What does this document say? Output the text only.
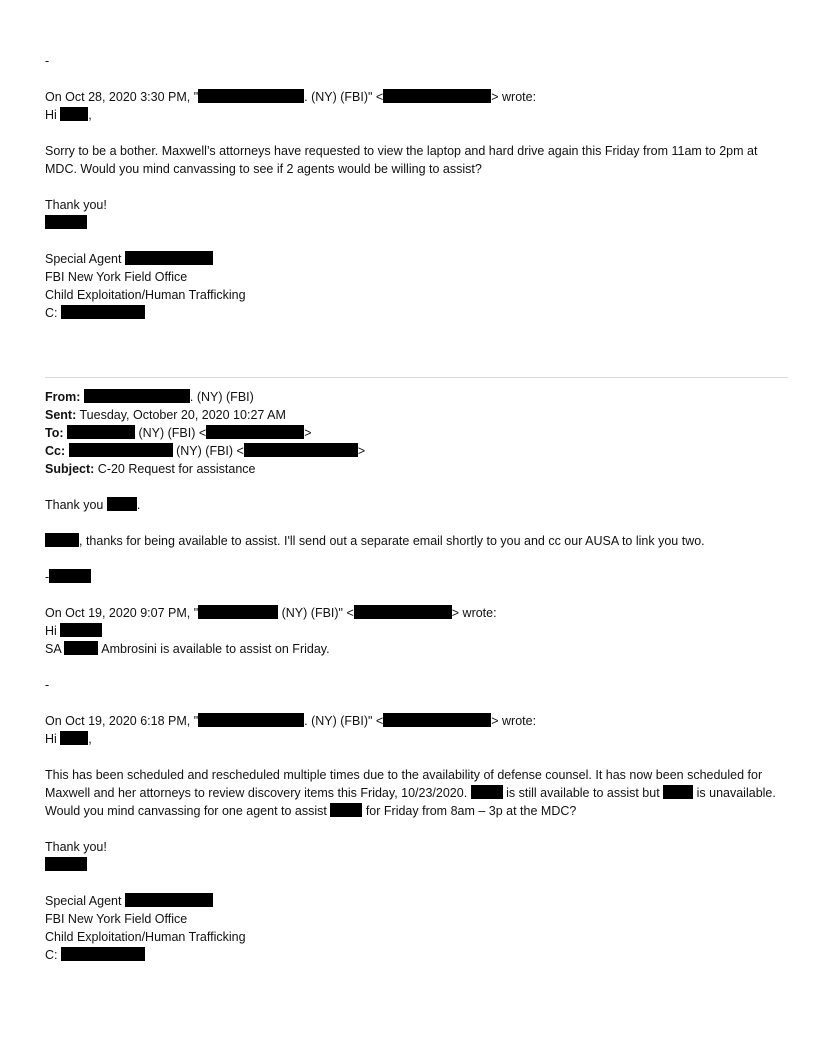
-
On Oct 28, 2020 3:30 PM, "	. (NY) (FBI)" <	> wrote:
Hi ,
Sorry to be a bother. Maxwell’s attorneys have requested to view the laptop and hard drive again this Friday from 11am to 2pm at MDC. Would you mind canvassing to see if 2 agents would be willing to assist?
Thank you!
Special Agent
FBI New York Field Office
Child Exploitation/Human Trafficking
C:
From:	. (NY) (FBI)
Sent: Tuesday, October 20, 2020 10:27 AM
To:	(NY) (FBI) <	>
Cc:	(NY) (FBI) <	>
Subject: C-20 Request for assistance
Thank you .
, thanks for being available to assist. I'll send out a separate email shortly to you and cc our AUSA to link you two.
-
On Oct 19, 2020 9:07 PM, "	(NY) (FBI)" <	> wrote:
Hi
SA	Ambrosini is available to assist on Friday.
-
On Oct 19, 2020 6:18 PM, "	. (NY) (FBI)" <	> wrote:
Hi ,
This has been scheduled and rescheduled multiple times due to the availability of defense counsel. It has now been scheduled for Maxwell and her attorneys to review discovery items this Friday, 10/23/2020.	is still available to assist but  is unavailable. Would you mind canvassing for one agent to assist	for Friday from 8am – 3p at the MDC?
Thank you!
Special Agent
FBI New York Field Office
Child Exploitation/Human Trafficking
C:
